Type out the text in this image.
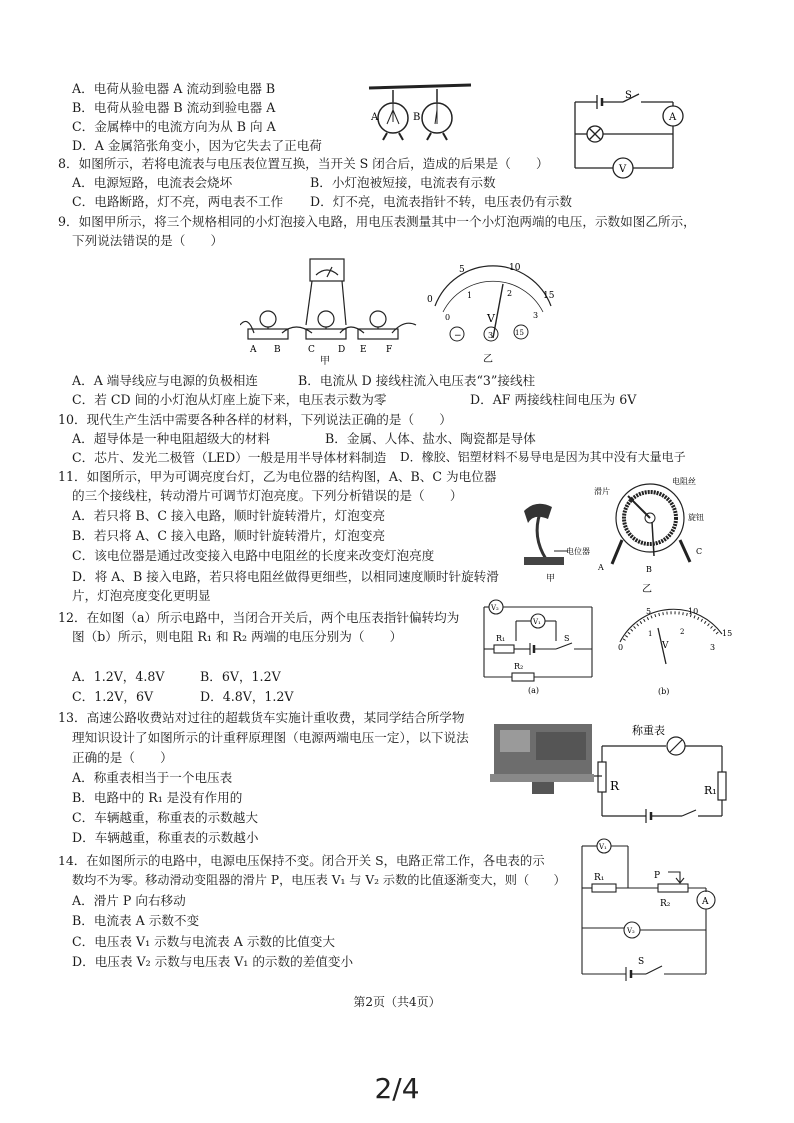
A．电荷从验电器 A 流动到验电器 B
B．电荷从验电器 B 流动到验电器 A
C．金属棒中的电流方向为从 B 向 A
D．A 金属箔张角变小，因为它失去了正电荷
A	B
S
A
V
8．如图所示，若将电流表与电压表位置互换，当开关 S 闭合后，造成的后果是（　　）
A．电源短路，电流表会烧坏	B．小灯泡被短接，电流表有示数
C．电路断路，灯不亮，两电表不工作 D．灯不亮，电流表指针不转，电压表仍有示数
9．如图甲所示，将三个规格相同的小灯泡接入电路，用电压表测量其中一个小灯泡两端的电压，示数如图乙所示，
下列说法错误的是（　　）
A B	C	D E F
甲
0
5	10
15
0
1	2
3
V
−	3	15
乙
A．A 端导线应与电源的负极相连	B．电流从 D 接线柱流入电压表“3”接线柱
C．若 CD 间的小灯泡从灯座上旋下来，电压表示数为零	D．AF 两接线柱间电压为 6V
10．现代生产生活中需要各种各样的材料，下列说法正确的是（　　）
A．超导体是一种电阻超级大的材料	B．金属、人体、盐水、陶瓷都是导体
C．芯片、发光二极管（LED）一般是用半导体材料制造 D．橡胶、铝塑材料不易导电是因为其中没有大量电子
11．如图所示，甲为可调亮度台灯，乙为电位器的结构图，A、B、C 为电位器
的三个接线柱，转动滑片可调节灯泡亮度。下列分析错误的是（　　）
A．若只将 B、C 接入电路，顺时针旋转滑片，灯泡变亮
B．若只将 A、C 接入电路，顺时针旋转滑片，灯泡变亮
C．该电位器是通过改变接入电路中电阻丝的长度来改变灯泡亮度
D．将 A、B 接入电路，若只将电阻丝做得更细些，以相同速度顺时针旋转滑
片，灯泡亮度变化更明显
电位器
甲
电阻丝
滑片
旋钮
A	B
C
乙
12．在如图（a）所示电路中，当闭合开关后，两个电压表指针偏转均为
图（b）所示，则电阻 R₁ 和 R₂ 两端的电压分别为（　　）
A．1.2V，4.8V	B．6V，1.2V
C．1.2V，6V	D．4.8V，1.2V
V₂
V₁
R₁	S
R₂
(a)
5	10
15
0
1	2
3
V
(b)
13．高速公路收费站对过往的超载货车实施计重收费，某同学结合所学物
理知识设计了如图所示的计重秤原理图（电源两端电压一定），以下说法
正确的是（　　）
A．称重表相当于一个电压表
B．电路中的 R₁ 是没有作用的
C．车辆越重，称重表的示数越大
D．车辆越重，称重表的示数越小
称重表
R	R₁
14．在如图所示的电路中，电源电压保持不变。闭合开关 S，电路正常工作，各电表的示
数均不为零。移动滑动变阻器的滑片 P，电压表 V₁ 与 V₂ 示数的比值逐渐变大，则（　　）
A．滑片 P 向右移动
B．电流表 A 示数不变
C．电压表 V₁ 示数与电流表 A 示数的比值变大
D．电压表 V₂ 示数与电压表 V₁ 的示数的差值变小
V₁
R₁	P
R₂	A
V₂
S
第2页（共4页）
2/4
